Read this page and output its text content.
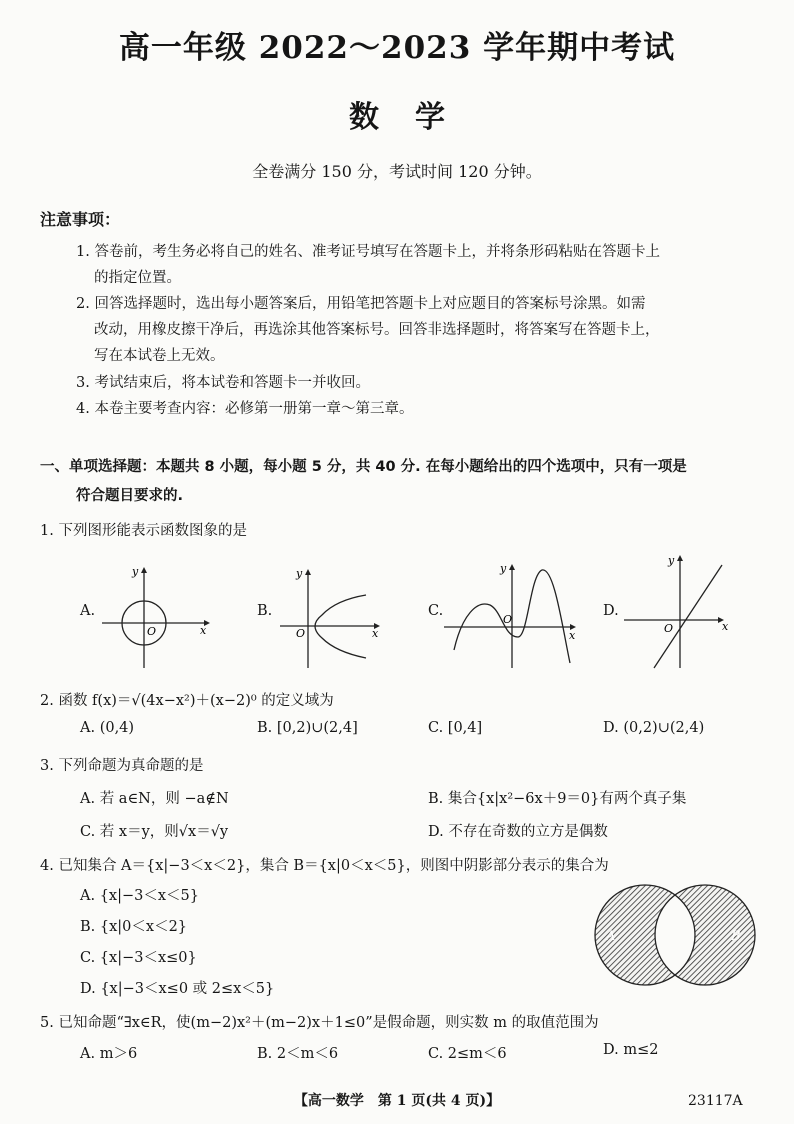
高一年级 2022～2023 学年期中考试
数学
全卷满分 150 分，考试时间 120 分钟。
注意事项：
1. 答卷前，考生务必将自己的姓名、准考证号填写在答题卡上，并将条形码粘贴在答题卡上
的指定位置。
2. 回答选择题时，选出每小题答案后，用铅笔把答题卡上对应题目的答案标号涂黑。如需
改动，用橡皮擦干净后，再选涂其他答案标号。回答非选择题时，将答案写在答题卡上，
写在本试卷上无效。
3. 考试结束后，将本试卷和答题卡一并收回。
4. 本卷主要考查内容：必修第一册第一章～第三章。
一、单项选择题：本题共 8 小题，每小题 5 分，共 40 分. 在每小题给出的四个选项中，只有一项是
符合题目要求的.
1. 下列图形能表示函数图象的是
A.
x
y
O
B.
x
y
O
C.
x
y
O
D.
x
y
O
2. 函数 f(x)＝√(4x−x²)＋(x−2)⁰ 的定义域为
A. (0,4)	B. [0,2)∪(2,4]	C. [0,4]	D. (0,2)∪(2,4)
3. 下列命题为真命题的是
A. 若 a∈N，则 −a∉N	B. 集合{x|x²−6x＋9＝0}有两个真子集
C. 若 x＝y，则√x＝√y	D. 不存在奇数的立方是偶数
4. 已知集合 A＝{x|−3＜x＜2}，集合 B＝{x|0＜x＜5}，则图中阴影部分表示的集合为
A. {x|−3＜x＜5}
B. {x|0＜x＜2}
C. {x|−3＜x≤0}
D. {x|−3＜x≤0 或 2≤x＜5}
A	B
5. 已知命题“∃x∈R，使(m−2)x²＋(m−2)x＋1≤0”是假命题，则实数 m 的取值范围为
A. m＞6	B. 2＜m＜6	C. 2≤m＜6	D. m≤2
【高一数学　第 1 页(共 4 页)】	23117A
